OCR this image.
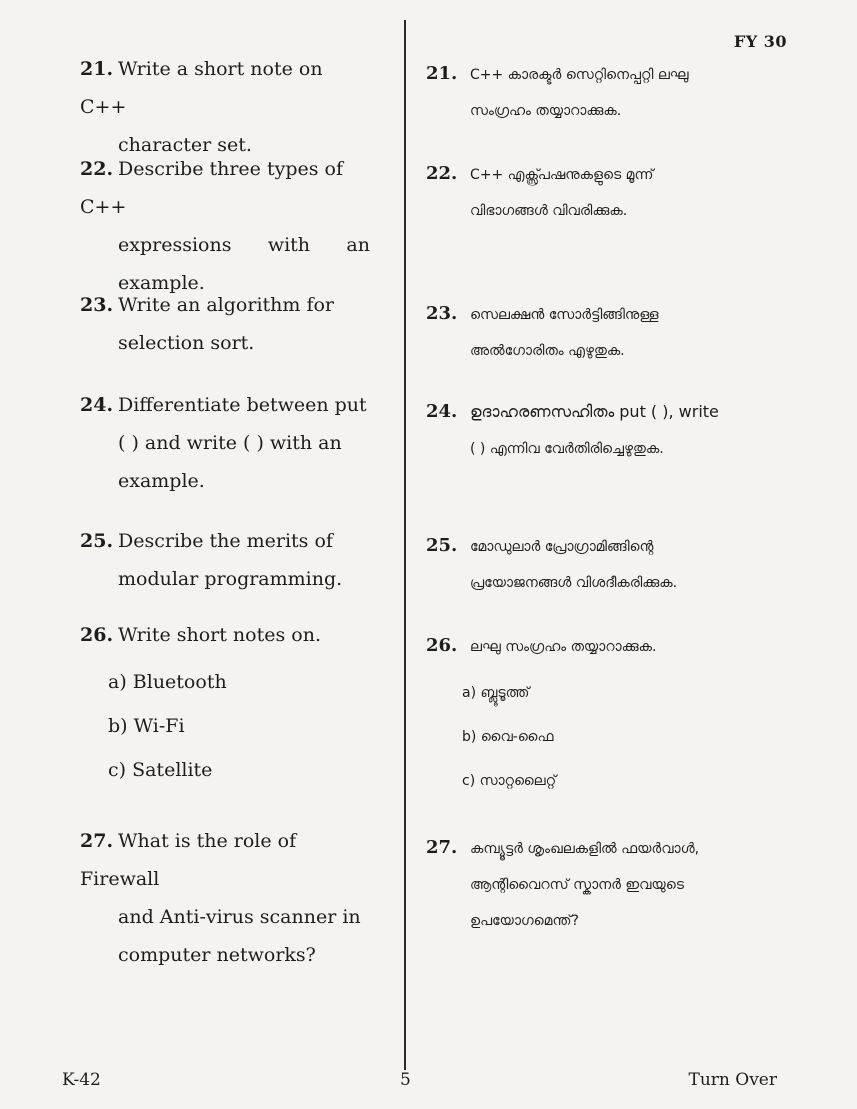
FY 30
21. Write a short note on C++
character set.
22. Describe three types of C++
expressions with an
example.
23. Write an algorithm for
selection sort.
24. Differentiate between put
( ) and write ( ) with an
example.
25. Describe the merits of
modular programming.
26. Write short notes on.
a) Bluetooth
b) Wi-Fi
c) Satellite
27. What is the role of Firewall
and Anti-virus scanner in
computer networks?
21. C++ കാരക്ടർ സെറ്റിനെപ്പറ്റി ലഘു
സംഗ്രഹം തയ്യാറാക്കുക.
22. C++ എക്സ്പ്രഷനുകളുടെ മൂന്ന്
വിഭാഗങ്ങൾ വിവരിക്കുക.
23. സെലക്ഷൻ സോർട്ടിങ്ങിനുള്ള
അൽഗോരിതം എഴുതുക.
24. ഉദാഹരണസഹിതം put ( ), write
( ) എന്നിവ വേർതിരിച്ചെഴുതുക.
25. മോഡുലാർ പ്രോഗ്രാമിങ്ങിന്റെ
പ്രയോജനങ്ങൾ വിശദീകരിക്കുക.
26. ലഘു സംഗ്രഹം തയ്യാറാക്കുക.
a) ബ്ലൂടൂത്ത്
b) വൈ-ഫൈ
c) സാറ്റലൈറ്റ്
27. കമ്പ്യൂട്ടർ ശൃംഖലകളിൽ ഫയർവാൾ,
ആന്റിവൈറസ് സ്കാനർ ഇവയുടെ
ഉപയോഗമെന്ത്?
K-42	5	Turn Over
